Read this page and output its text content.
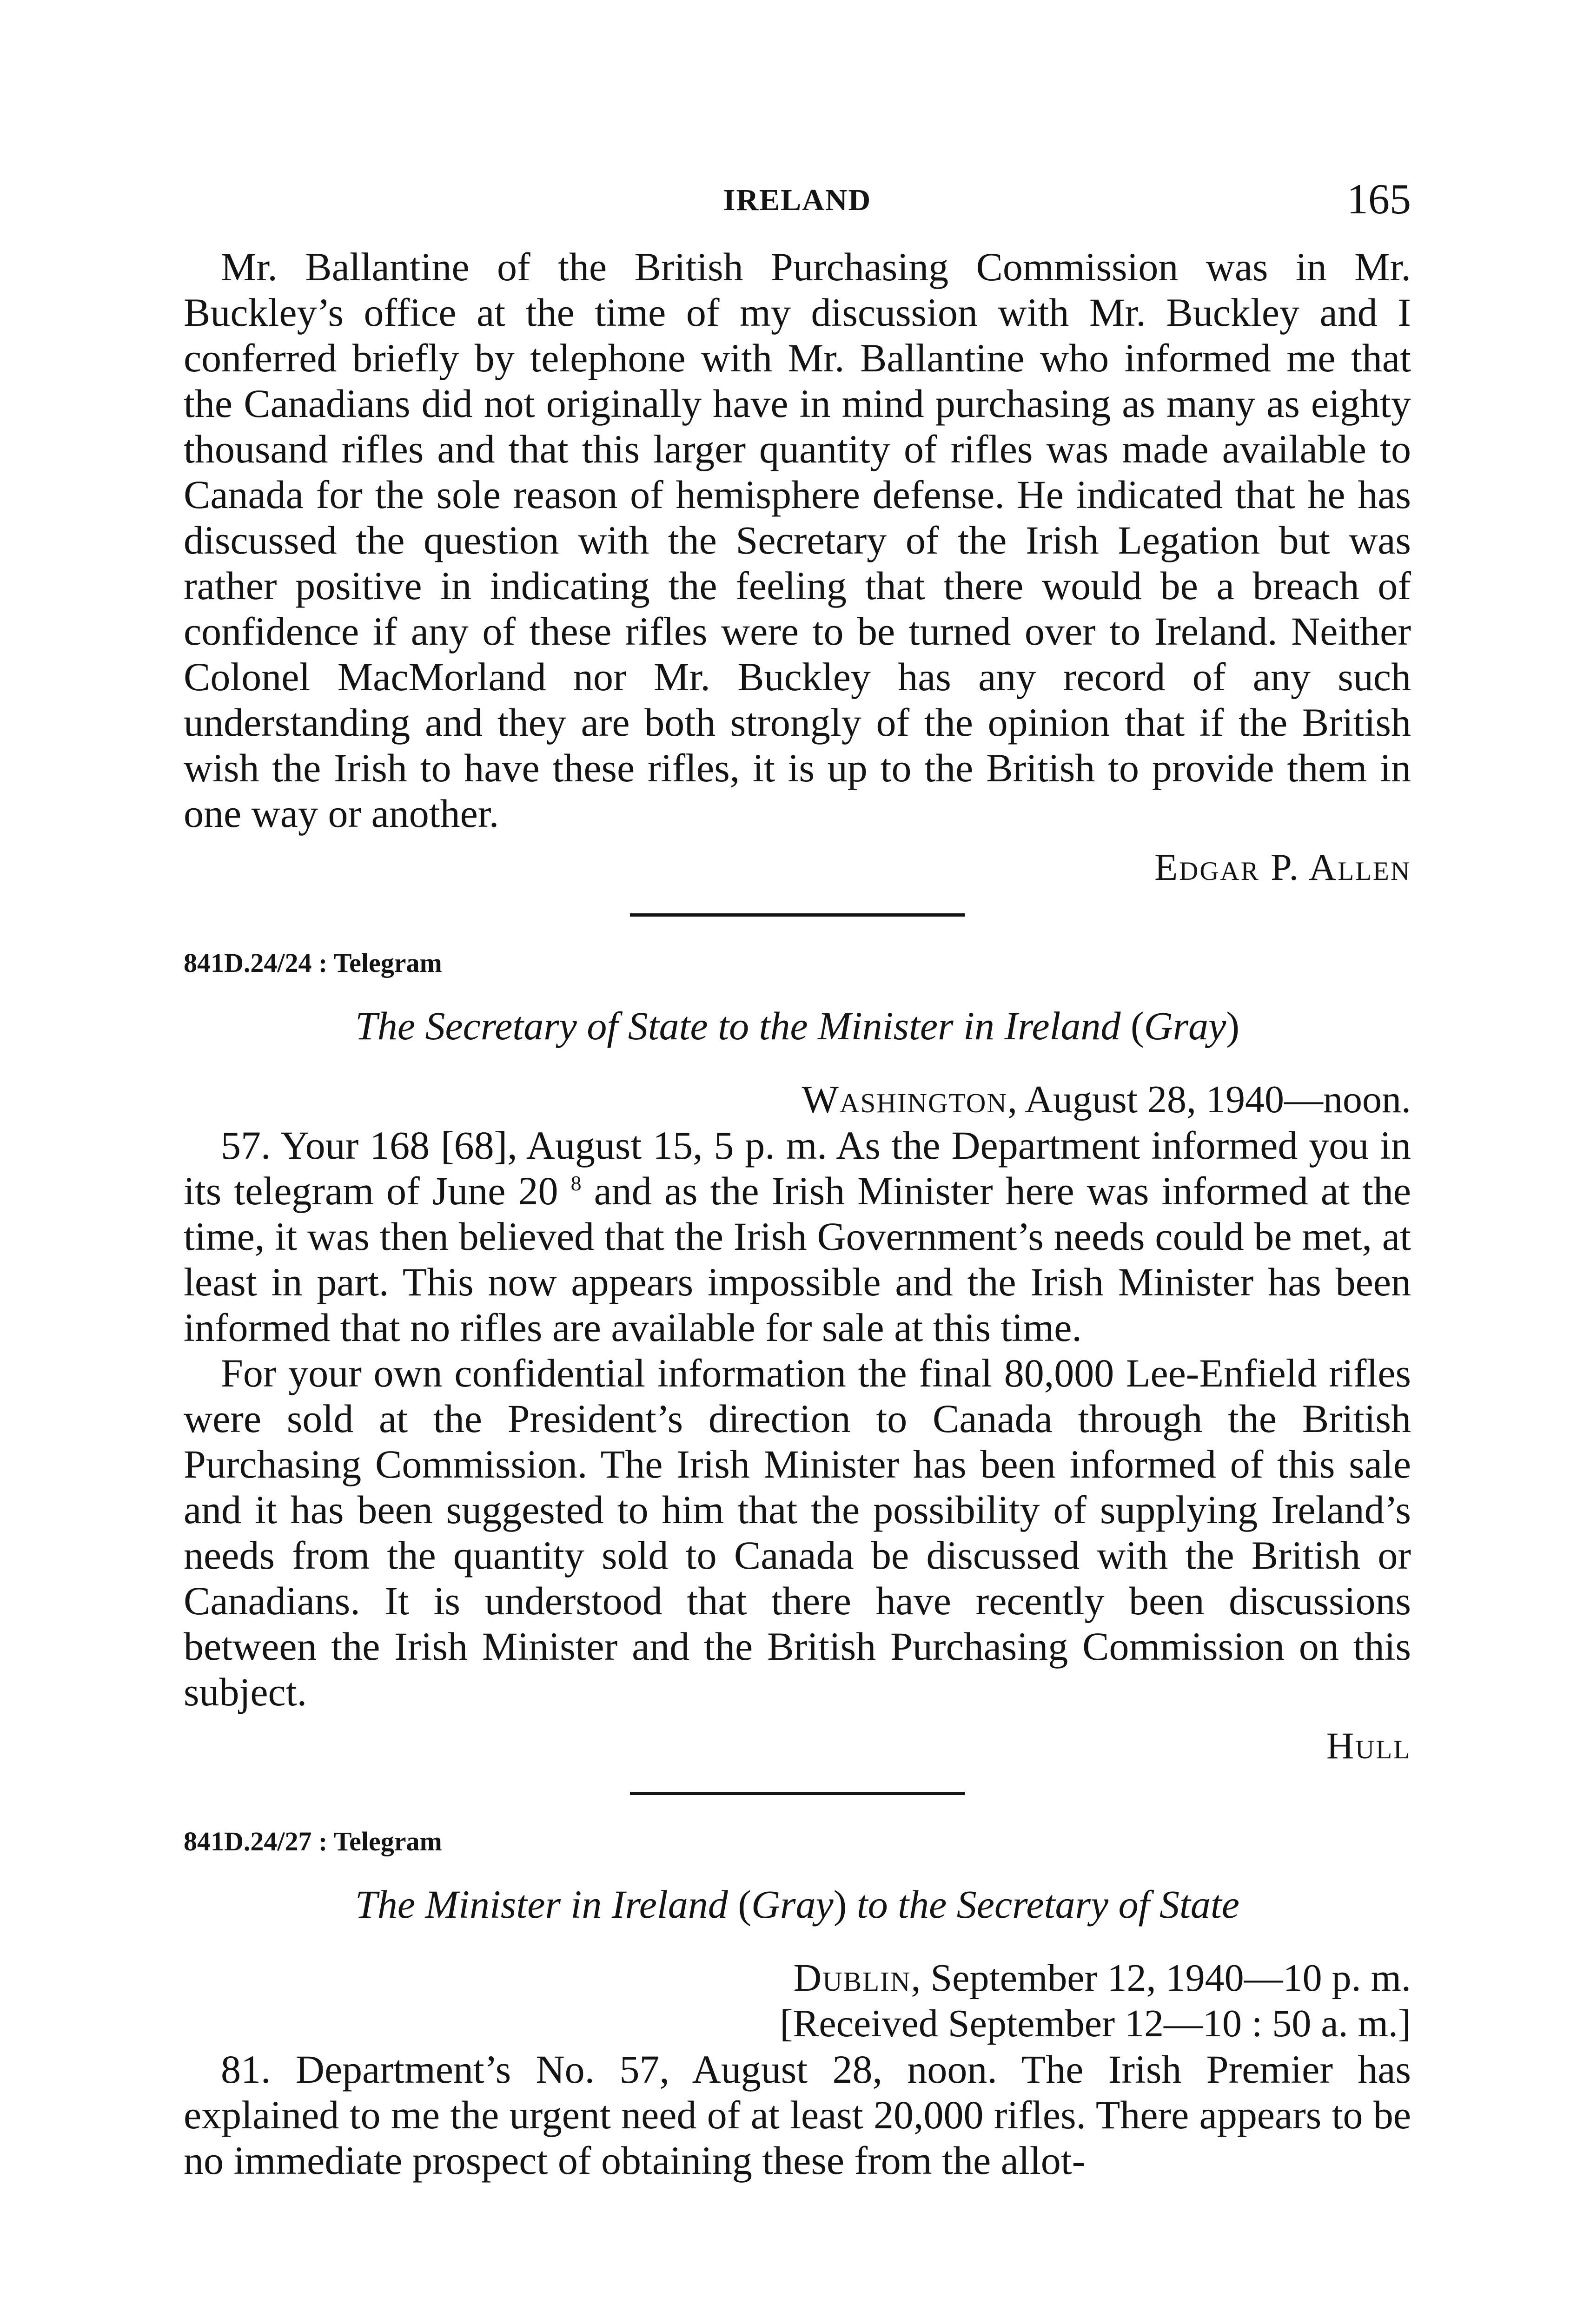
IRELAND	165

Mr. Ballantine of the British Purchasing Commission was in Mr. Buckley’s office at the time of my discussion with Mr. Buckley and I conferred briefly by telephone with Mr. Ballantine who informed me that the Canadians did not originally have in mind purchasing as many as eighty thousand rifles and that this larger quantity of rifles was made available to Canada for the sole reason of hemisphere defense. He indicated that he has discussed the question with the Secretary of the Irish Legation but was rather positive in indicating the feeling that there would be a breach of confidence if any of these rifles were to be turned over to Ireland. Neither Colonel MacMorland nor Mr. Buckley has any record of any such understanding and they are both strongly of the opinion that if the British wish the Irish to have these rifles, it is up to the British to provide them in one way or another.

Edgar P. Allen
841D.24/24 : Telegram
The Secretary of State to the Minister in Ireland (Gray)
Washington, August 28, 1940—noon.

57. Your 168 [68], August 15, 5 p. m. As the Department informed you in its telegram of June 20 $^8$ and as the Irish Minister here was informed at the time, it was then believed that the Irish Government’s needs could be met, at least in part. This now appears impossible and the Irish Minister has been informed that no rifles are available for sale at this time.

For your own confidential information the final 80,000 Lee-Enfield rifles were sold at the President’s direction to Canada through the British Purchasing Commission. The Irish Minister has been informed of this sale and it has been suggested to him that the possibility of supplying Ireland’s needs from the quantity sold to Canada be discussed with the British or Canadians. It is understood that there have recently been discussions between the Irish Minister and the British Purchasing Commission on this subject.

Hull
841D.24/27 : Telegram
The Minister in Ireland (Gray) to the Secretary of State
Dublin, September 12, 1940—10 p. m.
[Received September 12—10 : 50 a. m.]

81. Department’s No. 57, August 28, noon. The Irish Premier has explained to me the urgent need of at least 20,000 rifles. There appears to be no immediate prospect of obtaining these from the allot-
